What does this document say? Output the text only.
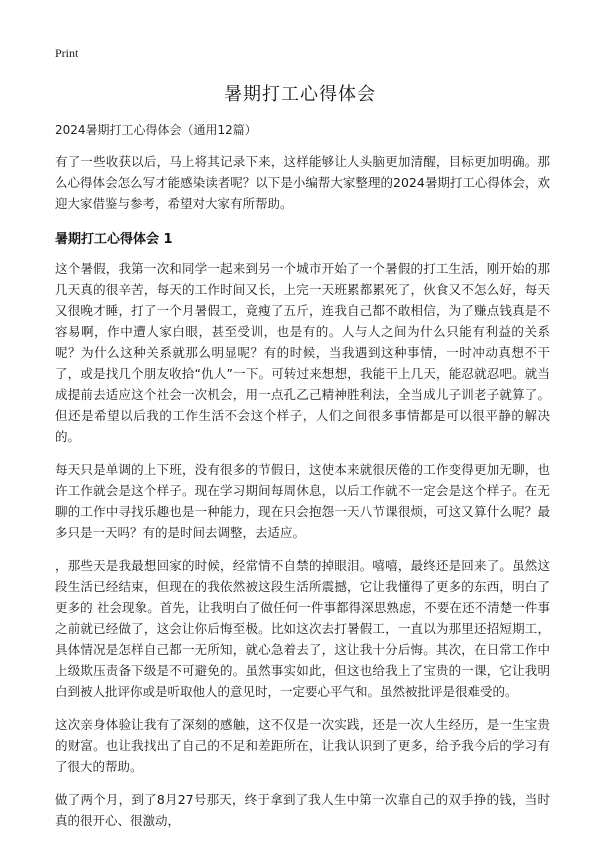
Print
暑期打工心得体会

2024暑期打工心得体会（通用12篇）

有了一些收获以后，马上将其记录下来，这样能够让人头脑更加清醒，目标更加明确。那么心得体会怎么写才能感染读者呢？以下是小编帮大家整理的2024暑期打工心得体会，欢迎大家借鉴与参考，希望对大家有所帮助。

暑期打工心得体会 1

这个暑假，我第一次和同学一起来到另一个城市开始了一个暑假的打工生活，刚开始的那几天真的很辛苦，每天的工作时间又长，上完一天班累都累死了，伙食又不怎么好，每天又很晚才睡，打了一个月暑假工，竟瘦了五斤，连我自己都不敢相信，为了赚点钱真是不容易啊，作中遭人家白眼，甚至受训，也是有的。人与人之间为什么只能有利益的关系呢？为什么这种关系就那么明显呢？有的时候，当我遇到这种事情，一时冲动真想不干了，或是找几个朋友收拾“仇人”一下。可转过来想想，我能干上几天，能忍就忍吧。就当成提前去适应这个社会一次机会，用一点孔乙己精神胜利法，全当成儿子训老子就算了。但还是希望以后我的工作生活不会这个样子，人们之间很多事情都是可以很平静的解决的。

每天只是单调的上下班，没有很多的节假日，这使本来就很厌倦的工作变得更加无聊，也许工作就会是这个样子。现在学习期间每周休息，以后工作就不一定会是这个样子。在无聊的工作中寻找乐趣也是一种能力，现在只会抱怨一天八节课很烦，可这又算什么呢？最多只是一天吗？有的是时间去调整，去适应。

，那些天是我最想回家的时候，经常情不自禁的掉眼泪。嘻嘻，最终还是回来了。虽然这段生活已经结束，但现在的我依然被这段生活所震撼，它让我懂得了更多的东西，明白了更多的 社会现象。首先，让我明白了做任何一件事都得深思熟虑，不要在还不清楚一件事之前就已经做了，这会让你后悔至极。比如这次去打暑假工，一直以为那里还招短期工，具体情况是怎样自己都一无所知，就心急着去了，这让我十分后悔。其次，在日常工作中上级欺压责备下级是不可避免的。虽然事实如此，但这也给我上了宝贵的一课，它让我明白到被人批评你或是听取他人的意见时，一定要心平气和。虽然被批评是很难受的。

这次亲身体验让我有了深刻的感触，这不仅是一次实践，还是一次人生经历，是一生宝贵的财富。也让我找出了自己的不足和差距所在，让我认识到了更多，给予我今后的学习有了很大的帮助。

做了两个月，到了8月27号那天，终于拿到了我人生中第一次靠自己的双手挣的钱，当时真的很开心、很激动，
